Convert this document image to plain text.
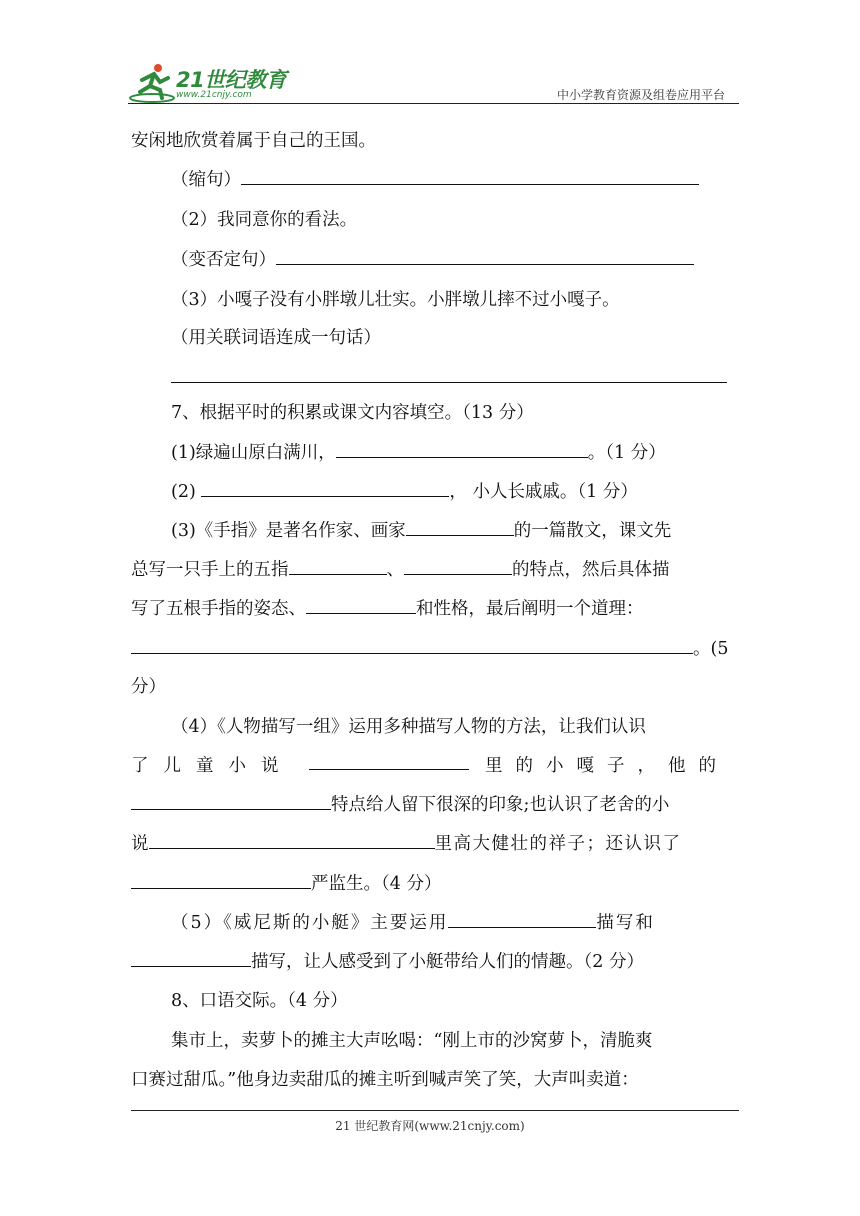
21世纪教育
www.21cnjy.com	中小学教育资源及组卷应用平台
安闲地欣赏着属于自己的王国。
（缩句）
（2）我同意你的看法。
（变否定句）
（3）小嘎子没有小胖墩儿壮实。小胖墩儿摔不过小嘎子。
（用关联词语连成一句话）
7、根据平时的积累或课文内容填空。（13 分）
(1)绿遍山原白满川，	。（1 分）
(2)	， 小人长戚戚。（1 分）
(3)《手指》是著名作家、画家	的一篇散文，课文先
总写一只手上的五指	、	的特点，然后具体描
写了五根手指的姿态、	和性格，最后阐明一个道理：
。(5
分）
（4）《人物描写一组》运用多种描写人物的方法，让我们认识
了儿童小说	里的小嘎子，他的
特点给人留下很深的印象;也认识了老舍的小
说	里高大健壮的祥子；还认识了
严监生。（4 分）
（5）《威尼斯的小艇》主要运用	描写和
描写，让人感受到了小艇带给人们的情趣。（2 分）
8、口语交际。（4 分）
集市上，卖萝卜的摊主大声吆喝：“刚上市的沙窝萝卜，清脆爽
口赛过甜瓜。”他身边卖甜瓜的摊主听到喊声笑了笑，大声叫卖道：
21 世纪教育网(www.21cnjy.com)
